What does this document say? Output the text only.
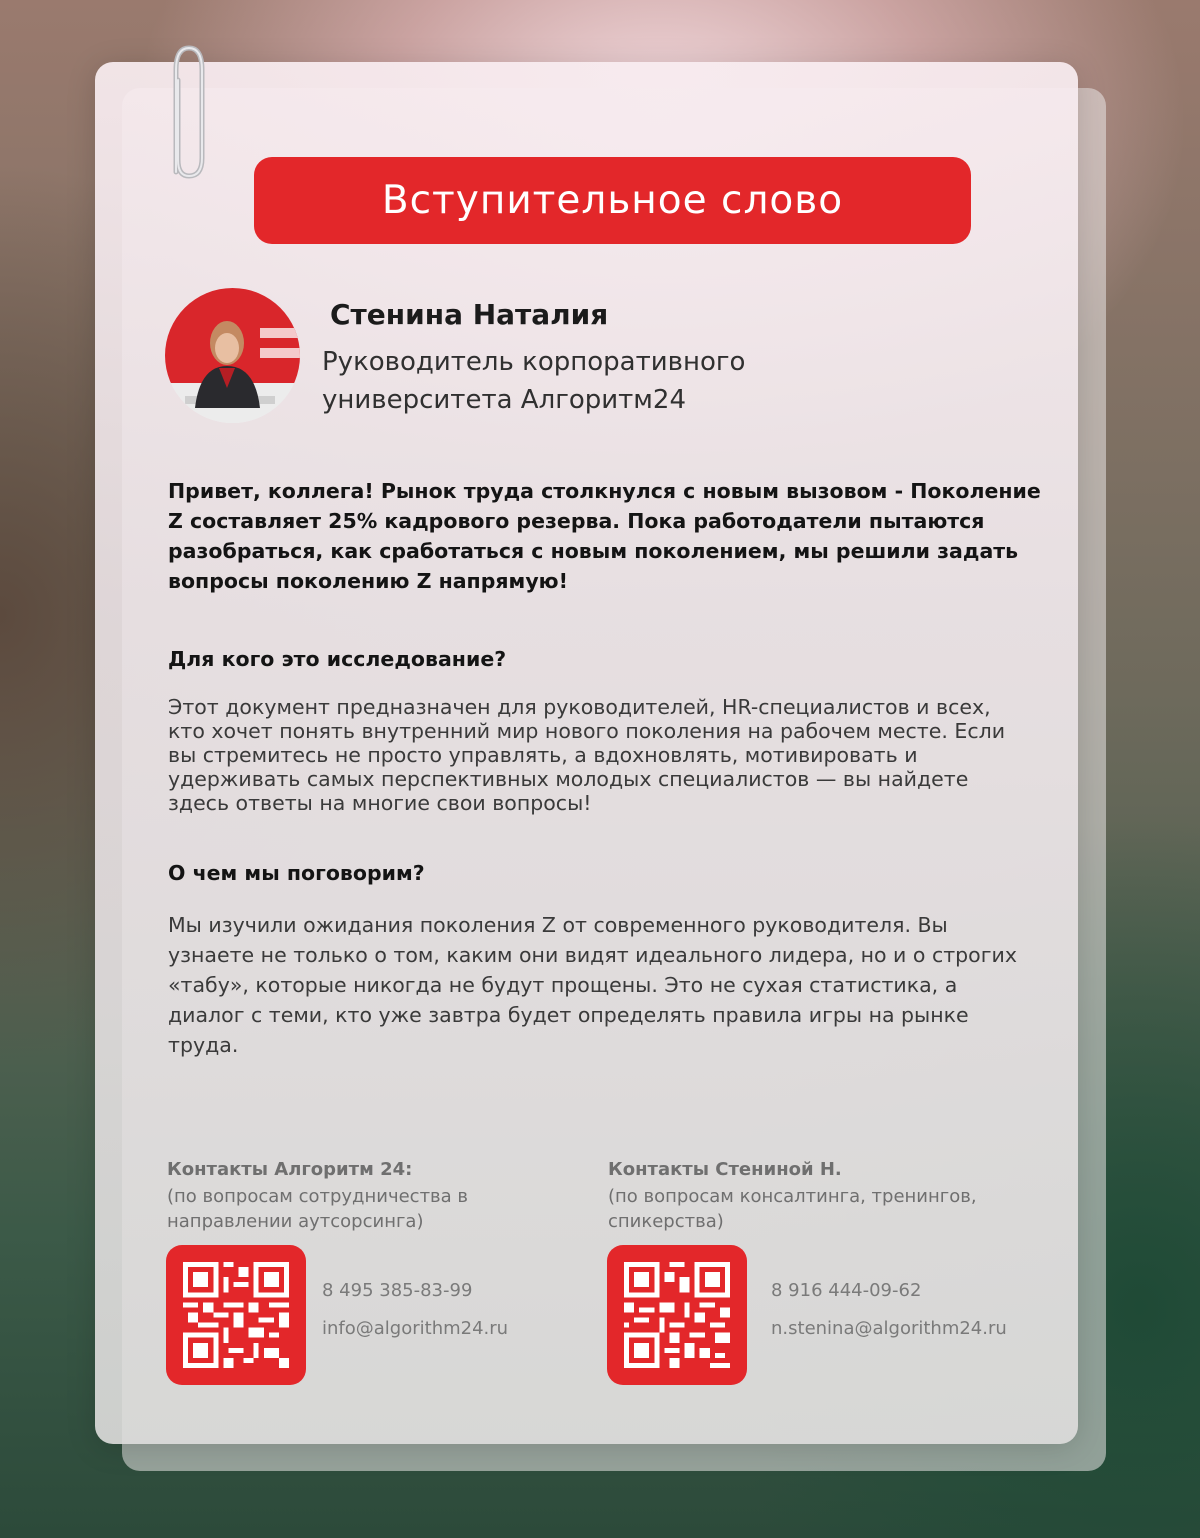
Вступительное слово
Стенина Наталия
Руководитель корпоративного университета Алгоритм24

Привет, коллега! Рынок труда столкнулся с новым вызовом - Поколение Z составляет 25% кадрового резерва. Пока работодатели пытаются разобраться, как сработаться с новым поколением, мы решили задать вопросы поколению Z напрямую!

Для кого это исследование?

Этот документ предназначен для руководителей, HR-специалистов и всех, кто хочет понять внутренний мир нового поколения на рабочем месте. Если вы стремитесь не просто управлять, а вдохновлять, мотивировать и удерживать самых перспективных молодых специалистов — вы найдете здесь ответы на многие свои вопросы!

О чем мы поговорим?

Мы изучили ожидания поколения Z от современного руководителя. Вы узнаете не только о том, каким они видят идеального лидера, но и о строгих «табу», которые никогда не будут прощены. Это не сухая статистика, а диалог с теми, кто уже завтра будет определять правила игры на рынке труда.

Контакты Алгоритм 24:
(по вопросам сотрудничества в направлении аутсорсинга)
8 495 385-83-99
info@algorithm24.ru
Контакты Стениной Н.
(по вопросам консалтинга, тренингов, спикерства)
8 916 444-09-62
n.stenina@algorithm24.ru
